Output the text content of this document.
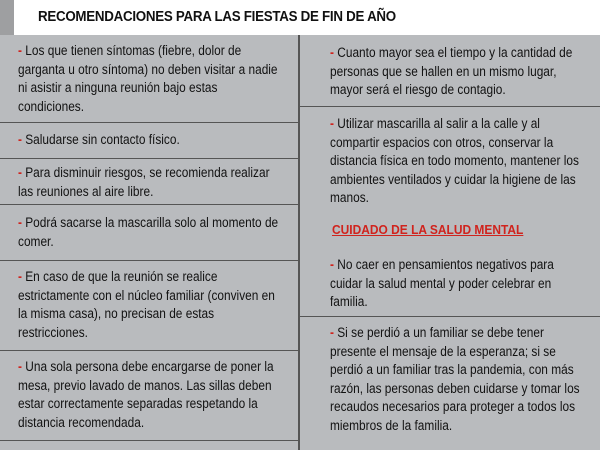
RECOMENDACIONES PARA LAS FIESTAS DE FIN DE AÑO
- Los que tienen síntomas (fiebre, dolor de garganta u otro síntoma) no deben visitar a nadie ni asistir a ninguna reunión bajo estas condiciones.
- Saludarse sin contacto físico.
- Para disminuir riesgos, se recomienda realizar las reuniones al aire libre.
- Podrá sacarse la mascarilla solo al momento de comer.
- En caso de que la reunión se realice estrictamente con el núcleo familiar (conviven en la misma casa), no precisan de estas restricciones.
- Una sola persona debe encargarse de poner la mesa, previo lavado de manos. Las sillas deben estar correctamente separadas respetando la distancia recomendada.
- Cuanto mayor sea el tiempo y la cantidad de personas que se hallen en un mismo lugar, mayor será el riesgo de contagio.
- Utilizar mascarilla al salir a la calle y al compartir espacios con otros, conservar la distancia física en todo momento, mantener los ambientes ventilados y cuidar la higiene de las manos.
CUIDADO DE LA SALUD MENTAL
- No caer en pensamientos negativos para cuidar la salud mental y poder celebrar en familia.
- Si se perdió a un familiar se debe tener presente el mensaje de la esperanza; si se perdió a un familiar tras la pandemia, con más razón, las personas deben cuidarse y tomar los recaudos necesarios para proteger a todos los miembros de la familia.
